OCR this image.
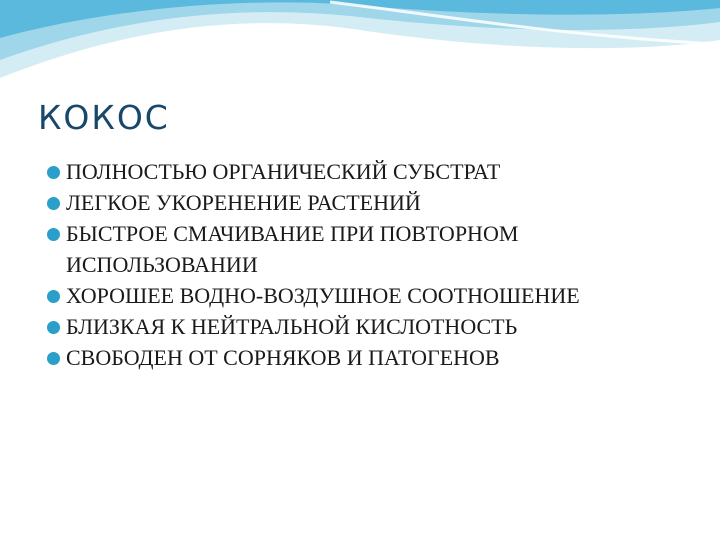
КОКОС
ПОЛНОСТЬЮ ОРГАНИЧЕСКИЙ СУБСТРАТ
ЛЕГКОЕ УКОРЕНЕНИЕ РАСТЕНИЙ
БЫСТРОЕ СМАЧИВАНИЕ ПРИ ПОВТОРНОМ ИСПОЛЬЗОВАНИИ
ХОРОШЕЕ ВОДНО-ВОЗДУШНОЕ СООТНОШЕНИЕ
БЛИЗКАЯ К НЕЙТРАЛЬНОЙ КИСЛОТНОСТЬ
СВОБОДЕН ОТ СОРНЯКОВ И ПАТОГЕНОВ
